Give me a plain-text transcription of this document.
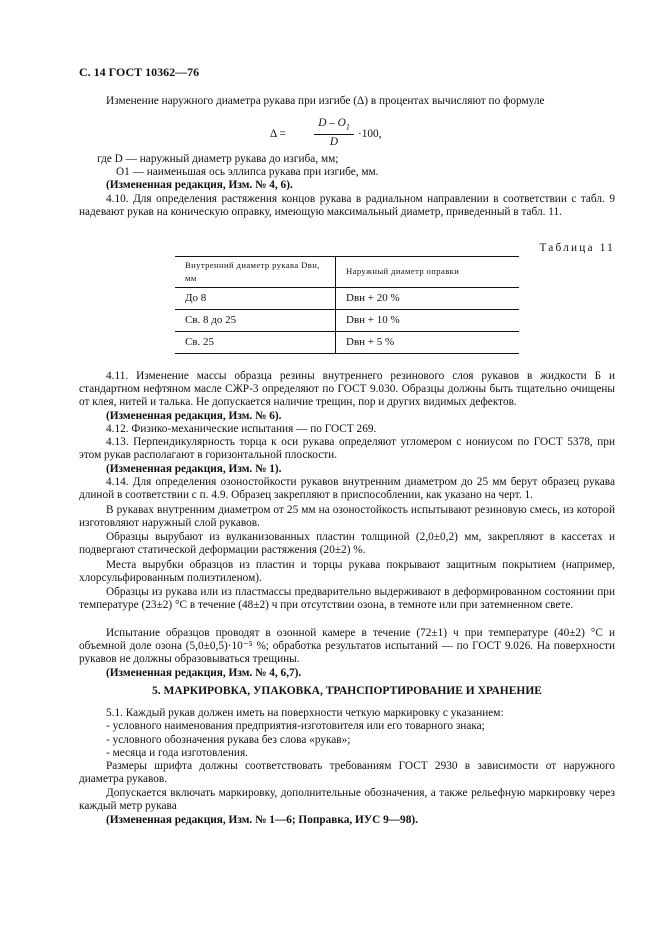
С. 14 ГОСТ 10362—76

Изменение наружного диаметра рукава при изгибе (Δ) в процентах вычисляют по формуле

Δ =
D – $O_1$
D
·100,

где D — наружный диаметр рукава до изгиба, мм;

O1 — наименьшая ось эллипса рукава при изгибе, мм.

(Измененная редакция, Изм. № 4, 6).

4.10. Для определения растяжения концов рукава в радиальном направлении в соответствии с табл. 9 надевают рукав на коническую оправку, имеющую максимальный диаметр, приведенный в табл. 11.

Таблица 11
Внутренний диаметр рукава Dвн, мм	Наружный диаметр оправки
До 8	Dвн + 20 %
Св. 8 до 25	Dвн + 10 %
Св. 25	Dвн + 5 %

4.11. Изменение массы образца резины внутреннего резинового слоя рукавов в жидкости Б и стандартном нефтяном масле СЖР-3 определяют по ГОСТ 9.030. Образцы должны быть тщательно очищены от клея, нитей и талька. Не допускается наличие трещин, пор и других видимых дефектов.

(Измененная редакция, Изм. № 6).

4.12. Физико-механические испытания — по ГОСТ 269.

4.13. Перпендикулярность торца к оси рукава определяют угломером с нониусом по ГОСТ 5378, при этом рукав располагают в горизонтальной плоскости.

(Измененная редакция, Изм. № 1).

4.14. Для определения озоностойкости рукавов внутренним диаметром до 25 мм берут образец рукава длиной в соответствии с п. 4.9. Образец закрепляют в приспособлении, как указано на черт. 1.

В рукавах внутренним диаметром от 25 мм на озоностойкость испытывают резиновую смесь, из которой изготовляют наружный слой рукавов.

Образцы вырубают из вулканизованных пластин толщиной (2,0±0,2) мм, закрепляют в кассетах и подвергают статической деформации растяжения (20±2) %.

Места вырубки образцов из пластин и торцы рукава покрывают защитным покрытием (например, хлорсульфированным полиэтиленом).

Образцы из рукава или из пластмассы предварительно выдерживают в деформированном состоянии при температуре (23±2) °С в течение (48±2) ч при отсутствии озона, в темноте или при затемненном свете.

Испытание образцов проводят в озонной камере в течение (72±1) ч при температуре (40±2) °С и объемной доле озона (5,0±0,5)·10⁻⁵ %; обработка результатов испытаний — по ГОСТ 9.026. На поверхности рукавов не должны образовываться трещины.

(Измененная редакция, Изм. № 4, 6,7).

5. МАРКИРОВКА, УПАКОВКА, ТРАНСПОРТИРОВАНИЕ И ХРАНЕНИЕ

5.1. Каждый рукав должен иметь на поверхности четкую маркировку с указанием:

- условного наименования предприятия-изготовителя или его товарного знака;

- условного обозначения рукава без слова «рукав»;

- месяца и года изготовления.

Размеры шрифта должны соответствовать требованиям ГОСТ 2930 в зависимости от наружного диаметра рукавов.

Допускается включать маркировку, дополнительные обозначения, а также рельефную маркировку через каждый метр рукава

(Измененная редакция, Изм. № 1—6; Поправка, ИУС 9—98).
